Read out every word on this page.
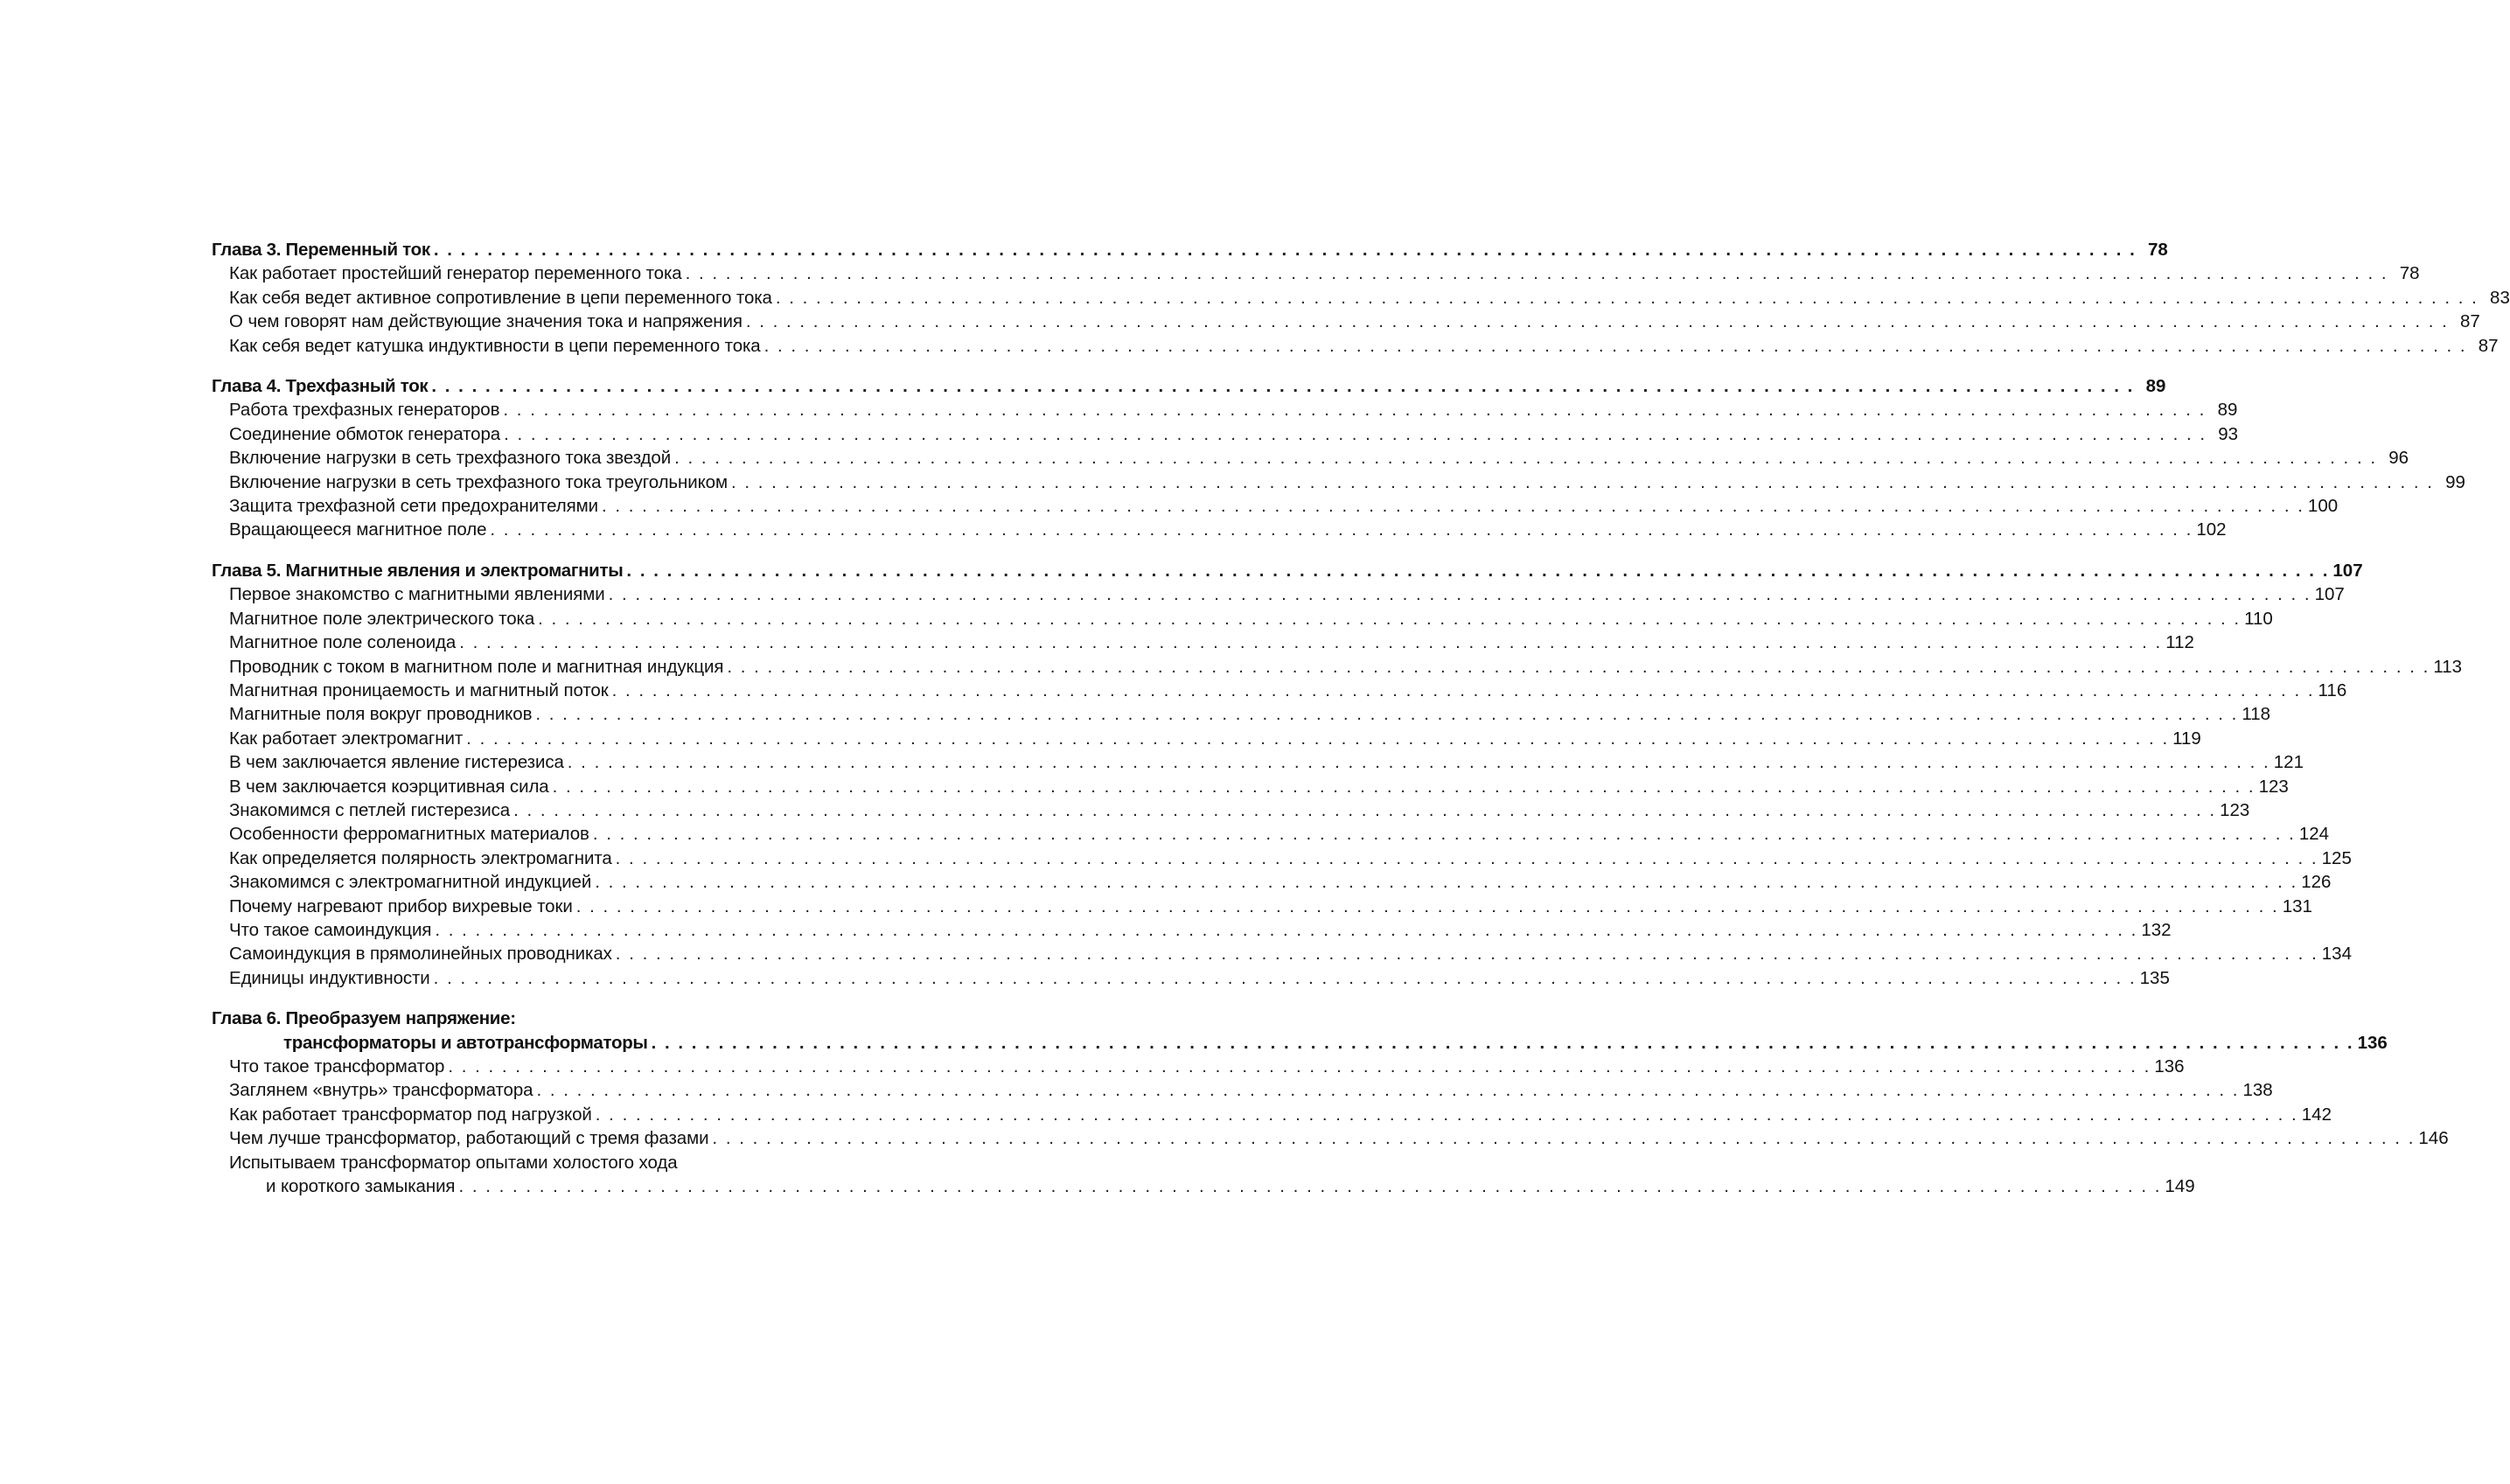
Глава 3. Переменный ток . . .	78
Как работает простейший генератор переменного тока . . .	78
Как себя ведет активное сопротивление в цепи переменного тока . . .	83
О чем говорят нам действующие значения тока и напряжения . . .	87
Как себя ведет катушка индуктивности в цепи переменного тока . . .	87
Глава 4. Трехфазный ток . . .	89
Работа трехфазных генераторов . . .	89
Соединение обмоток генератора . . .	93
Включение нагрузки в сеть трехфазного тока звездой . . .	96
Включение нагрузки в сеть трехфазного тока треугольником . . .	99
Защита трехфазной сети предохранителями . . .	100
Вращающееся магнитное поле . . .	102
Глава 5. Магнитные явления и электромагниты . . .	107
Первое знакомство с магнитными явлениями . . .	107
Магнитное поле электрического тока . . .	110
Магнитное поле соленоида . . .	112
Проводник с током в магнитном поле и магнитная индукция . . .	113
Магнитная проницаемость и магнитный поток . . .	116
Магнитные поля вокруг проводников . . .	118
Как работает электромагнит . . .	119
В чем заключается явление гистерезиса . . .	121
В чем заключается коэрцитивная сила . . .	123
Знакомимся с петлей гистерезиса . . .	123
Особенности ферромагнитных материалов . . .	124
Как определяется полярность электромагнита . . .	125
Знакомимся с электромагнитной индукцией . . .	126
Почему нагревают прибор вихревые токи . . .	131
Что такое самоиндукция . . .	132
Самоиндукция в прямолинейных проводниках . . .	134
Единицы индуктивности . . .	135
Глава 6. Преобразуем напряжение:
трансформаторы и автотрансформаторы . . .	136
Что такое трансформатор . . .	136
Заглянем «внутрь» трансформатора . . .	138
Как работает трансформатор под нагрузкой . . .	142
Чем лучше трансформатор, работающий с тремя фазами . . .	146
Испытываем трансформатор опытами холостого хода
и короткого замыкания . . .	149
